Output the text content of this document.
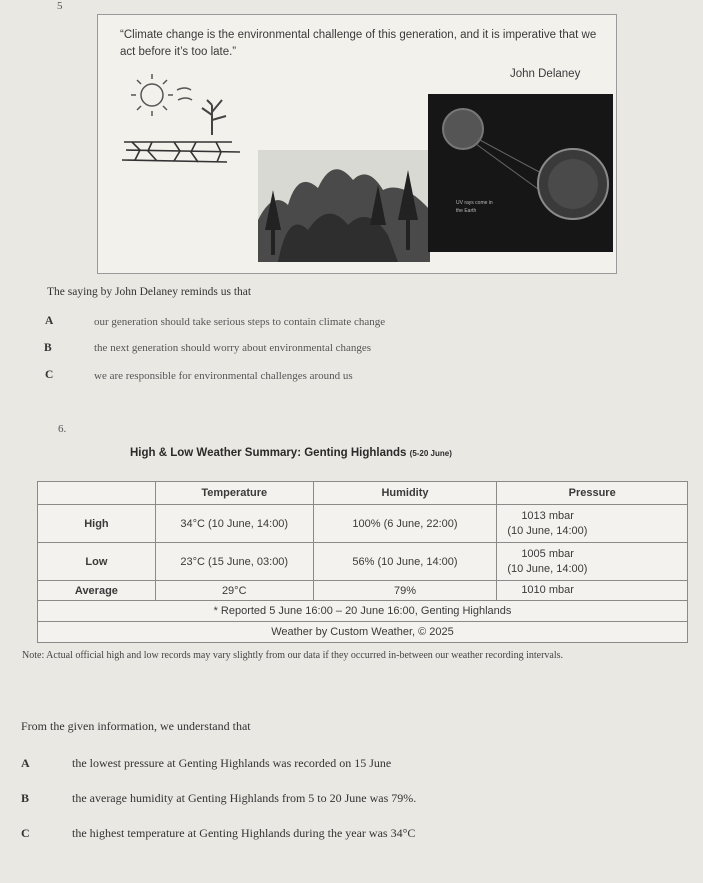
5
“Climate change is the environmental challenge of this generation, and it is imperative that we act before it’s too late.”
John Delaney
UV rays come in
the Earth
The saying by John Delaney reminds us that
A	our generation should take serious steps to contain climate change
B	the next generation should worry about environmental changes
C	we are responsible for environmental challenges around us
6.
High & Low Weather Summary: Genting Highlands (5-20 June)
	Temperature	Humidity	Pressure
High	34°C (10 June, 14:00)	100% (6 June, 22:00)	1013 mbar
(10 June, 14:00)

Low	23°C (15 June, 03:00)	56% (10 June, 14:00)	1005 mbar
(10 June, 14:00)

Average	29°C	79%	1010 mbar
* Reported 5 June 16:00 – 20 June 16:00, Genting Highlands			
Weather by Custom Weather, © 2025			
Note: Actual official high and low records may vary slightly from our data if they occurred in-between our weather recording intervals.
From the given information, we understand that
A	the lowest pressure at Genting Highlands was recorded on 15 June
B	the average humidity at Genting Highlands from 5 to 20 June was 79%.
C	the highest temperature at Genting Highlands during the year was 34°C
